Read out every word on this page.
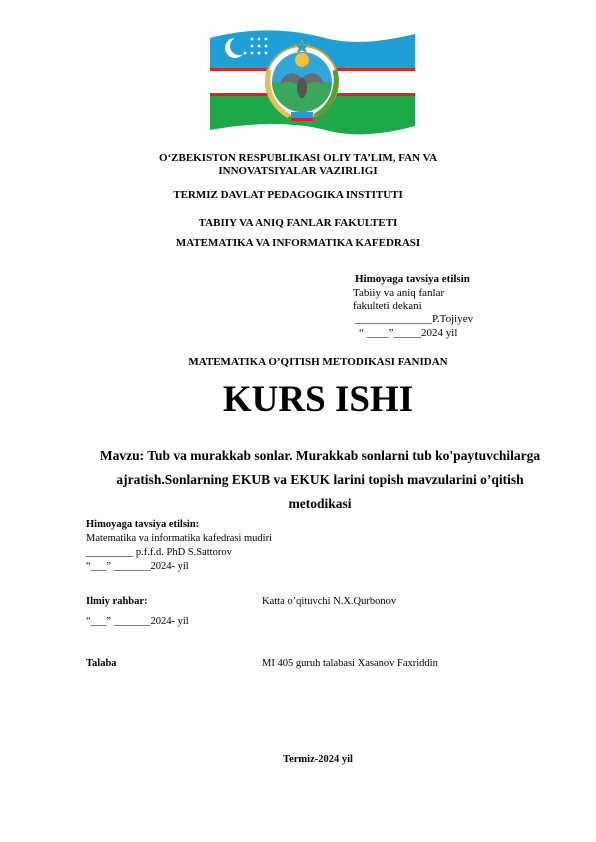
O‘ZBEKISTON RESPUBLIKASI OLIY TA’LIM, FAN VA
INNOVATSIYALAR VAZIRLIGI
TERMIZ DAVLAT PEDAGOGIKA INSTITUTI
TABIIY VA ANIQ FANLAR FAKULTETI
MATEMATIKA VA INFORMATIKA KAFEDRASI
Himoyaga tavsiya etilsin
Tabiiy va aniq fanlar
fakulteti dekani
______________P.Tojiyev
“ ____”_____2024 yil
MATEMATIKA O’QITISH METODIKASI FANIDAN
KURS ISHI
Mavzu: Tub va murakkab sonlar. Murakkab sonlarni tub ko'paytuvchilarga
ajratish.Sonlarning EKUB va EKUK larini topish mavzularini o’qitish
metodikasi
Himoyaga tavsiya etilsin:
Matematika va informatika kafedrasi mudiri
_________ p.f.f.d. PhD S.Sattorov
“___” _______2024- yil
Ilmiy rahbar:	Katta o’qituvchi N.X.Qurbonov
“___” _______2024- yil
Talaba	MI 405 guruh talabasi Xasanov Faxriddin
Termiz-2024 yil
